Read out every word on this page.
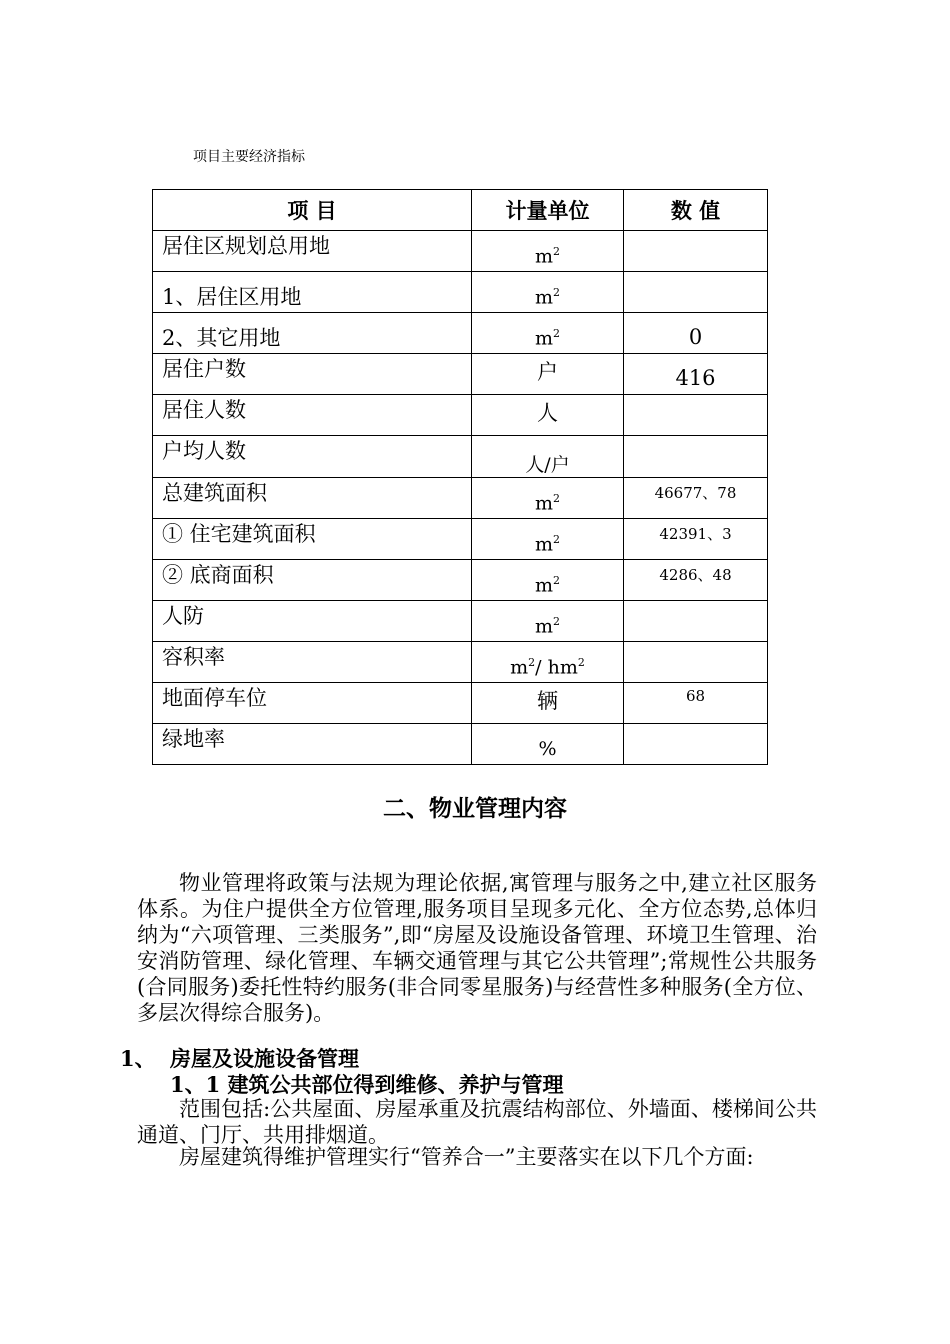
项目主要经济指标
项 目	计量单位	数 值

居住区规划总用地	$m^2$

1、居住区用地	$m^2$

2、其它用地	$m^2$	0

居住户数	户	416

居住人数	人	

户均人数	人/户	

总建筑面积	$m^2$	46677、78

① 住宅建筑面积	$m^2$	42391、3

② 底商面积	$m^2$	4286、48

人防	$m^2$

容积率	$m^2/$ $hm^2$

地面停车位	辆	68

绿地率	%	

二、物业管理内容
物业管理将政策与法规为理论依据,寓管理与服务之中,建立社区服务体系。为住户提供全方位管理,服务项目呈现多元化、全方位态势,总体归纳为“六项管理、三类服务”,即“房屋及设施设备管理、环境卫生管理、治安消防管理、绿化管理、车辆交通管理与其它公共管理”;常规性公共服务(合同服务)委托性特约服务(非合同零星服务)与经营性多种服务(全方位、多层次得综合服务)。
1、 房屋及设施设备管理
1、1 建筑公共部位得到维修、养护与管理
范围包括:公共屋面、房屋承重及抗震结构部位、外墙面、楼梯间公共通道、门厅、共用排烟道。
房屋建筑得维护管理实行“管养合一”主要落实在以下几个方面:
